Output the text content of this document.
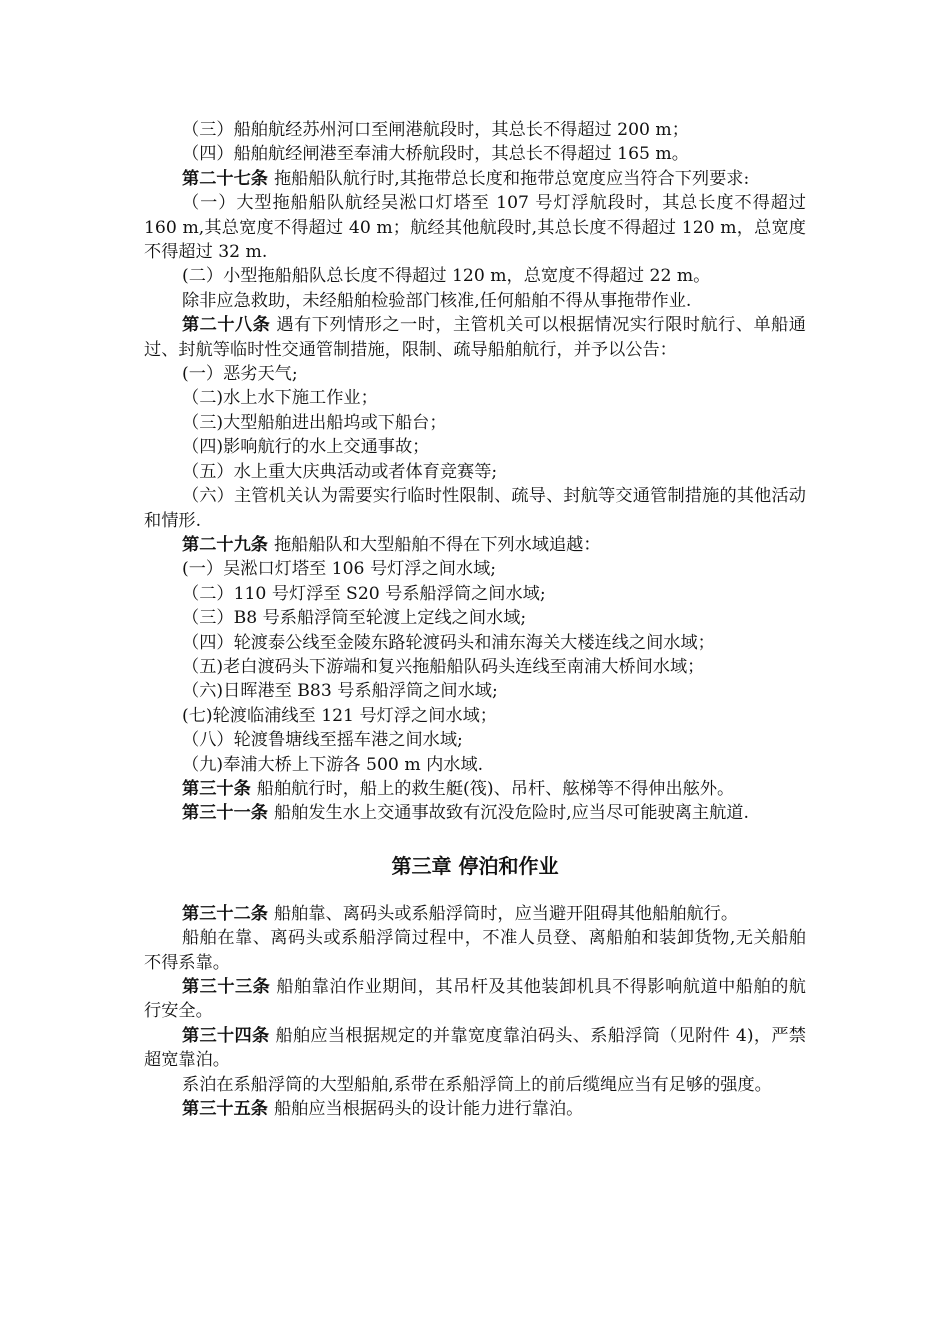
（三）船舶航经苏州河口至闸港航段时，其总长不得超过 200 m；

（四）船舶航经闸港至奉浦大桥航段时，其总长不得超过 165 m。

第二十七条 拖船船队航行时,其拖带总长度和拖带总宽度应当符合下列要求:

（一）大型拖船船队航经吴淞口灯塔至 107 号灯浮航段时，其总长度不得超过 160 m,其总宽度不得超过 40 m；航经其他航段时,其总长度不得超过 120 m，总宽度不得超过 32 m.

(二）小型拖船船队总长度不得超过 120 m，总宽度不得超过 22 m。

除非应急救助，未经船舶检验部门核准,任何船舶不得从事拖带作业.

第二十八条 遇有下列情形之一时，主管机关可以根据情况实行限时航行、单船通过、封航等临时性交通管制措施，限制、疏导船舶航行，并予以公告：

(一）恶劣天气;

（二)水上水下施工作业；

（三)大型船舶进出船坞或下船台；

（四)影响航行的水上交通事故；

（五）水上重大庆典活动或者体育竞赛等;

（六）主管机关认为需要实行临时性限制、疏导、封航等交通管制措施的其他活动和情形.

第二十九条 拖船船队和大型船舶不得在下列水域追越：

(一）吴淞口灯塔至 106 号灯浮之间水域;

（二）110 号灯浮至 S20 号系船浮筒之间水域;

（三）B8 号系船浮筒至轮渡上定线之间水域;

（四）轮渡泰公线至金陵东路轮渡码头和浦东海关大楼连线之间水域；

（五)老白渡码头下游端和复兴拖船船队码头连线至南浦大桥间水域；

（六)日晖港至 B83 号系船浮筒之间水域;

(七)轮渡临浦线至 121 号灯浮之间水域；

（八）轮渡鲁塘线至摇车港之间水域;

（九)奉浦大桥上下游各 500 m 内水域.

第三十条 船舶航行时，船上的救生艇(筏)、吊杆、舷梯等不得伸出舷外。

第三十一条 船舶发生水上交通事故致有沉没危险时,应当尽可能驶离主航道.

第三章 停泊和作业

第三十二条 船舶靠、离码头或系船浮筒时，应当避开阻碍其他船舶航行。

船舶在靠、离码头或系船浮筒过程中，不准人员登、离船舶和装卸货物,无关船舶不得系靠。

第三十三条 船舶靠泊作业期间，其吊杆及其他装卸机具不得影响航道中船舶的航行安全。

第三十四条 船舶应当根据规定的并靠宽度靠泊码头、系船浮筒（见附件 4)，严禁超宽靠泊。

系泊在系船浮筒的大型船舶,系带在系船浮筒上的前后缆绳应当有足够的强度。

第三十五条 船舶应当根据码头的设计能力进行靠泊。
